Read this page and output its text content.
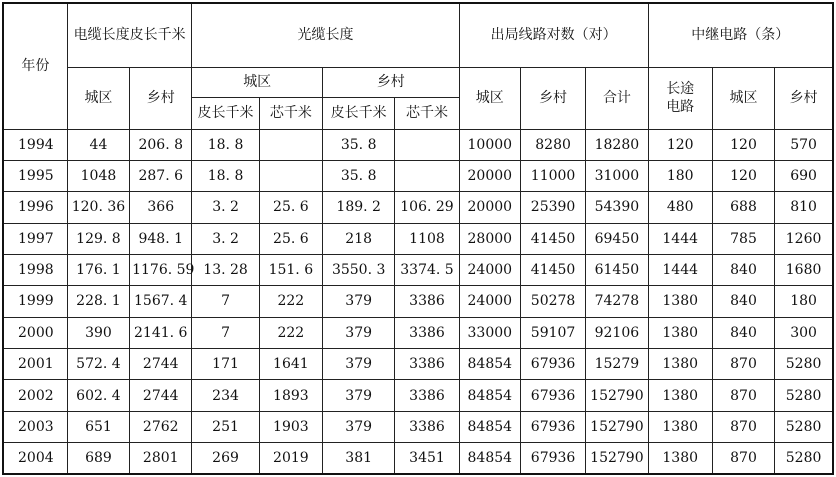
年份	电缆长度皮长千米		光缆长度				出局线路对数（对）			中继电路（条）		
	城区	乡村	城区		乡村		城区	乡村	合计	长途电路	城区	乡村
			皮长千米	芯千米	皮长千米	芯千米						
1994	44	206. 8	18. 8		35. 8		10000	8280	18280	120	120	570
1995	1048	287. 6	18. 8		35. 8		20000	11000	31000	180	120	690
1996	120. 36	366	3. 2	25. 6	189. 2	106. 29	20000	25390	54390	480	688	810
1997	129. 8	948. 1	3. 2	25. 6	218	1108	28000	41450	69450	1444	785	1260
1998	176. 1	1176. 59	13. 28	151. 6	3550. 3	3374. 5	24000	41450	61450	1444	840	1680
1999	228. 1	1567. 4	7	222	379	3386	24000	50278	74278	1380	840	180
2000	390	2141. 6	7	222	379	3386	33000	59107	92106	1380	840	300
2001	572. 4	2744	171	1641	379	3386	84854	67936	15279	1380	870	5280
2002	602. 4	2744	234	1893	379	3386	84854	67936	152790	1380	870	5280
2003	651	2762	251	1903	379	3386	84854	67936	152790	1380	870	5280
2004	689	2801	269	2019	381	3451	84854	67936	152790	1380	870	5280
